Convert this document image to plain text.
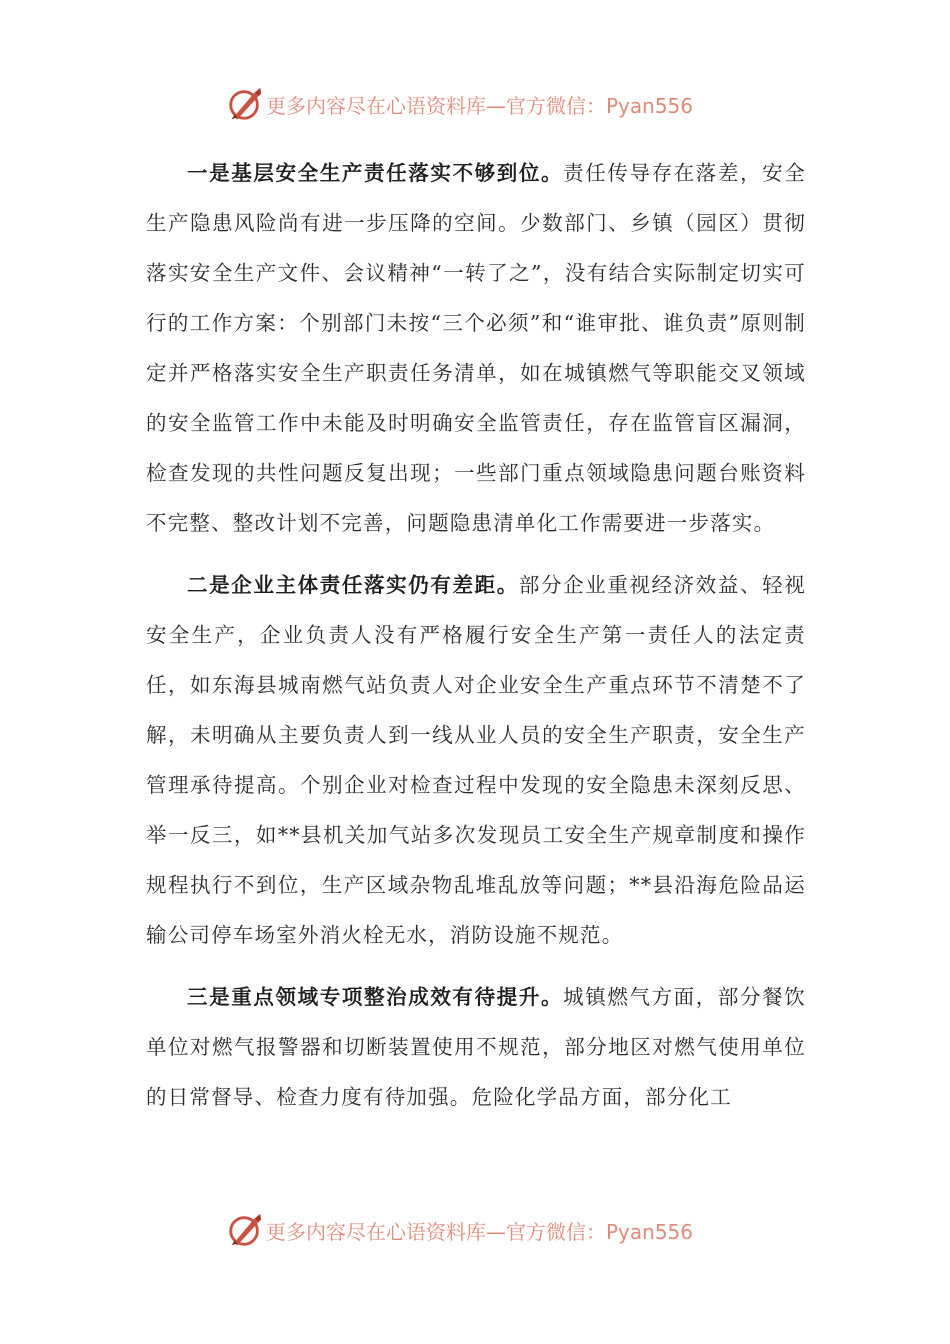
更多内容尽在心语资料库—官方微信：Pyan556

一是基层安全生产责任落实不够到位。责任传导存在落差，安全生产隐患风险尚有进一步压降的空间。少数部门、乡镇（园区）贯彻落实安全生产文件、会议精神“一转了之”，没有结合实际制定切实可行的工作方案：个别部门未按“三个必须”和“谁审批、谁负责”原则制定并严格落实安全生产职责任务清单，如在城镇燃气等职能交叉领域的安全监管工作中未能及时明确安全监管责任，存在监管盲区漏洞，检查发现的共性问题反复出现；一些部门重点领域隐患问题台账资料不完整、整改计划不完善，问题隐患清单化工作需要进一步落实。

二是企业主体责任落实仍有差距。部分企业重视经济效益、轻视安全生产，企业负责人没有严格履行安全生产第一责任人的法定责任，如东海县城南燃气站负责人对企业安全生产重点环节不清楚不了解，未明确从主要负责人到一线从业人员的安全生产职责，安全生产管理承待提高。个别企业对检查过程中发现的安全隐患未深刻反思、举一反三，如**县机关加气站多次发现员工安全生产规章制度和操作规程执行不到位，生产区域杂物乱堆乱放等问题；**县沿海危险品运输公司停车场室外消火栓无水，消防设施不规范。

三是重点领域专项整治成效有待提升。城镇燃气方面，部分餐饮单位对燃气报警器和切断装置使用不规范，部分地区对燃气使用单位的日常督导、检查力度有待加强。危险化学品方面，部分化工

更多内容尽在心语资料库—官方微信：Pyan556
